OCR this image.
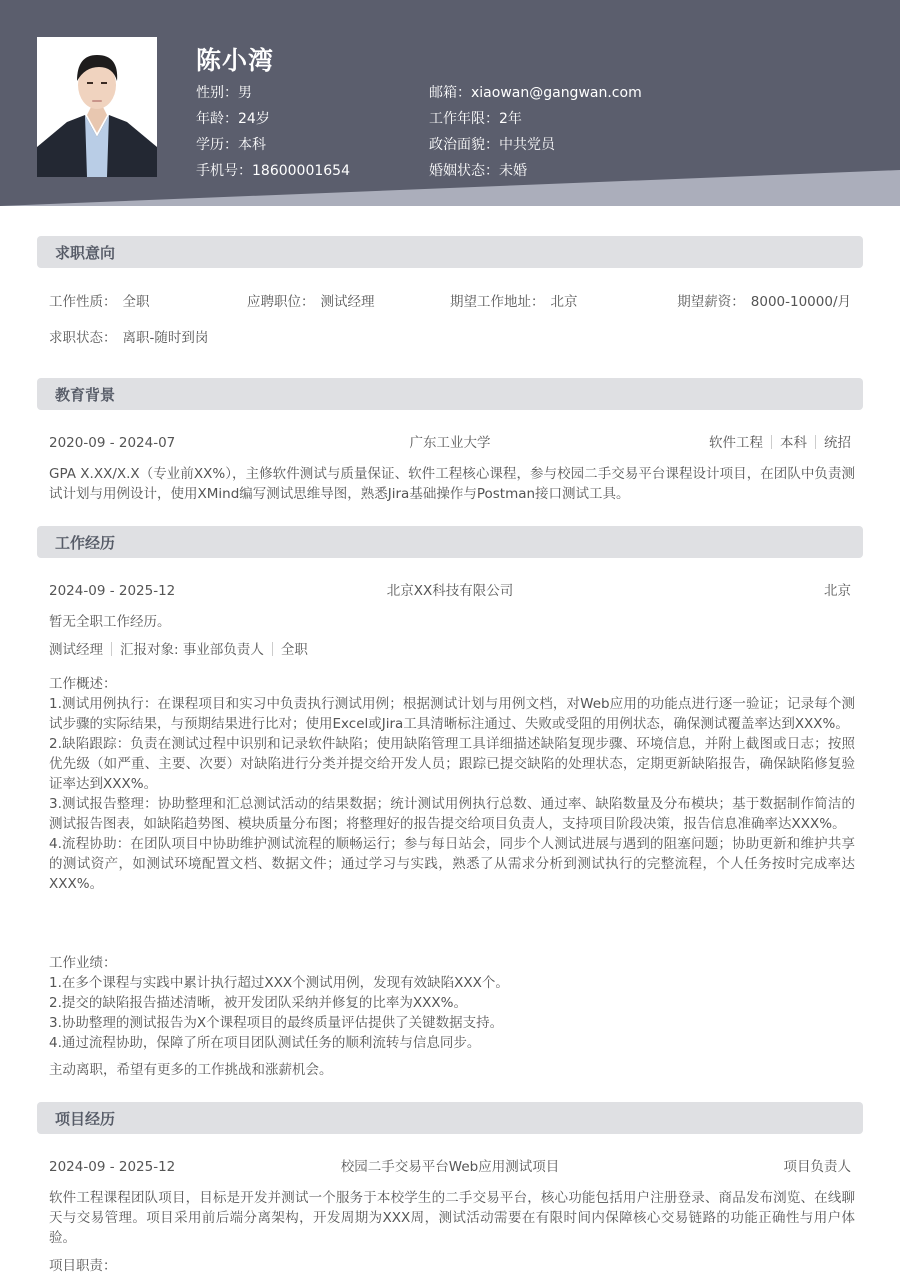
陈小湾
性别：男
年龄：24岁
学历：本科
手机号：18600001654
邮箱：xiaowan@gangwan.com
工作年限：2年
政治面貌：中共党员
婚姻状态：未婚
求职意向
工作性质： 全职	应聘职位： 测试经理	期望工作地址： 北京	期望薪资： 8000-10000/月
求职状态： 离职-随时到岗
教育背景
2020-09 - 2024-07	广东工业大学	软件工程 本科 统招
GPA X.XX/X.X（专业前XX%），主修软件测试与质量保证、软件工程核心课程，参与校园二手交易平台课程设计项目，在团队中负责测试计划与用例设计，使用XMind编写测试思维导图，熟悉Jira基础操作与Postman接口测试工具。
工作经历
2024-09 - 2025-12	北京XX科技有限公司	北京
暂无全职工作经历。
测试经理 汇报对象: 事业部负责人 全职
工作概述：
1.测试用例执行：在课程项目和实习中负责执行测试用例；根据测试计划与用例文档，对Web应用的功能点进行逐一验证；记录每个测试步骤的实际结果，与预期结果进行比对；使用Excel或Jira工具清晰标注通过、失败或受阻的用例状态，确保测试覆盖率达到XXX%。
2.缺陷跟踪：负责在测试过程中识别和记录软件缺陷；使用缺陷管理工具详细描述缺陷复现步骤、环境信息，并附上截图或日志；按照优先级（如严重、主要、次要）对缺陷进行分类并提交给开发人员；跟踪已提交缺陷的处理状态，定期更新缺陷报告，确保缺陷修复验证率达到XXX%。
3.测试报告整理：协助整理和汇总测试活动的结果数据；统计测试用例执行总数、通过率、缺陷数量及分布模块；基于数据制作简洁的测试报告图表，如缺陷趋势图、模块质量分布图；将整理好的报告提交给项目负责人，支持项目阶段决策，报告信息准确率达XXX%。
4.流程协助：在团队项目中协助维护测试流程的顺畅运行；参与每日站会，同步个人测试进展与遇到的阻塞问题；协助更新和维护共享的测试资产，如测试环境配置文档、数据文件；通过学习与实践，熟悉了从需求分析到测试执行的完整流程，个人任务按时完成率达XXX%。
工作业绩：
1.在多个课程与实践中累计执行超过XXX个测试用例，发现有效缺陷XXX个。
2.提交的缺陷报告描述清晰，被开发团队采纳并修复的比率为XXX%。
3.协助整理的测试报告为X个课程项目的最终质量评估提供了关键数据支持。
4.通过流程协助，保障了所在项目团队测试任务的顺利流转与信息同步。
主动离职，希望有更多的工作挑战和涨薪机会。
项目经历
2024-09 - 2025-12	校园二手交易平台Web应用测试项目	项目负责人
软件工程课程团队项目，目标是开发并测试一个服务于本校学生的二手交易平台，核心功能包括用户注册登录、商品发布浏览、在线聊天与交易管理。项目采用前后端分离架构，开发周期为XXX周，测试活动需要在有限时间内保障核心交易链路的功能正确性与用户体验。
项目职责：
